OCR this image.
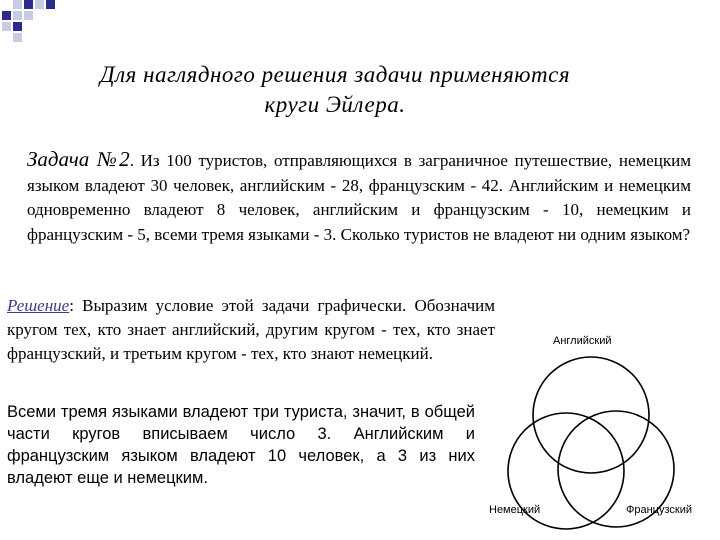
Для наглядного решения задачи применяются
круги Эйлера.
Задача №2. Из 100 туристов, отправляющихся в заграничное путешествие, немецким языком владеют 30 человек, английским - 28, французским - 42. Английским и немецким одновременно владеют 8 человек, английским и французским - 10, немецким и французским - 5, всеми тремя языками - 3. Сколько туристов не владеют ни одним языком?
Решение: Выразим условие этой задачи графически. Обозначим кругом тех, кто знает английский, другим кругом - тех, кто знает французский, и третьим кругом - тех, кто знают немецкий.
Всеми тремя языками владеют три туриста, значит, в общей части кругов вписываем число 3. Английским и французским языком владеют 10 человек, а 3 из них владеют еще и немецким.
Английский
Немецкий	Французский
